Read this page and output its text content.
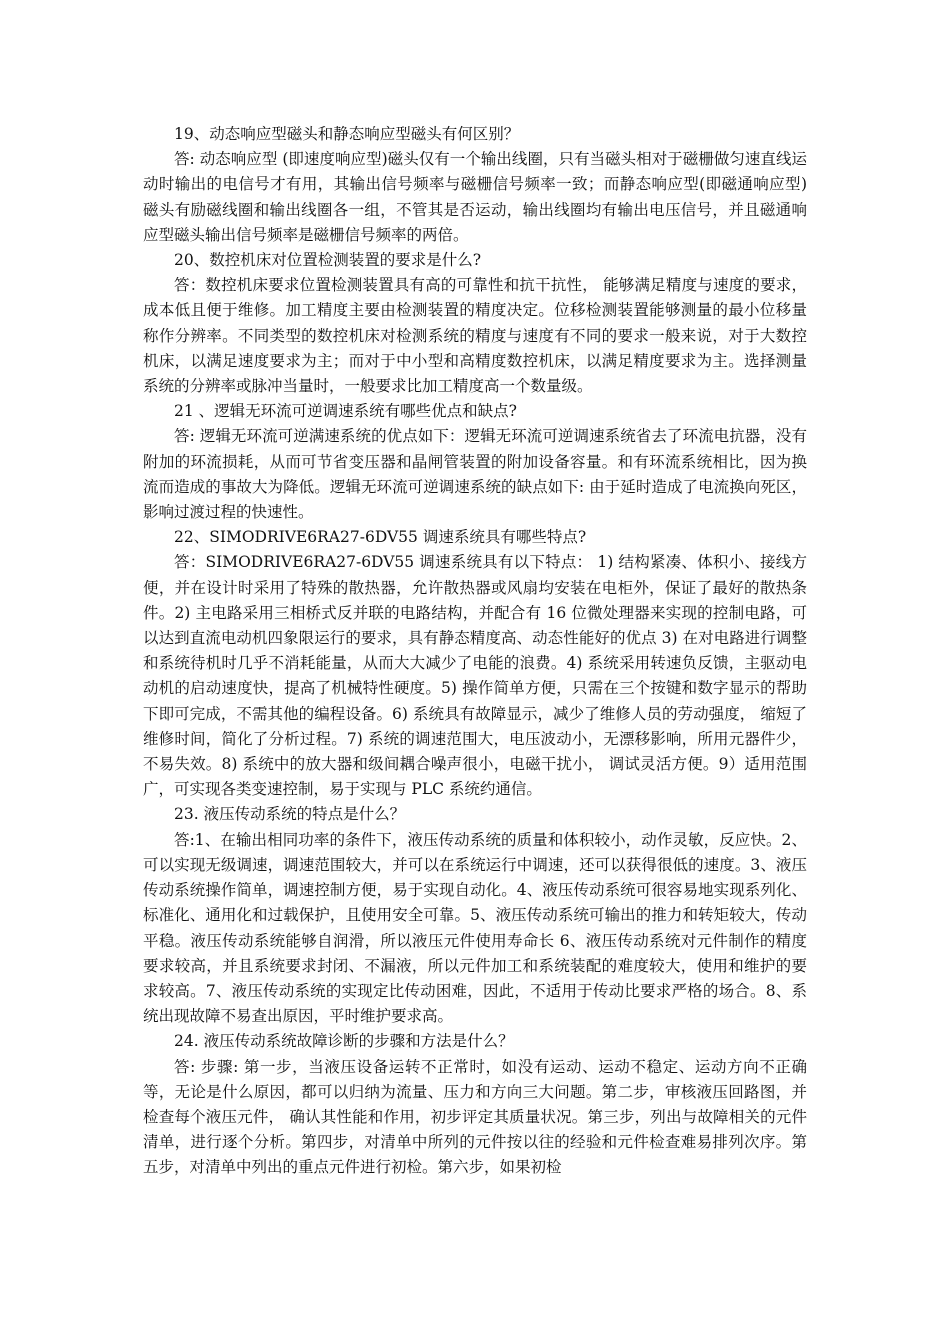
19、动态响应型磁头和静态响应型磁头有何区别？

答: 动态响应型 (即速度响应型)磁头仅有一个输出线圈，只有当磁头相对于磁栅做匀速直线运动时输出的电信号才有用，其输出信号频率与磁栅信号频率一致；而静态响应型(即磁通响应型) 磁头有励磁线圈和输出线圈各一组，不管其是否运动，输出线圈均有输出电压信号，并且磁通响应型磁头输出信号频率是磁栅信号频率的两倍。

20、数控机床对位置检测装置的要求是什么?

答：数控机床要求位置检测装置具有高的可靠性和抗干抗性， 能够满足精度与速度的要求，成本低且便于维修。加工精度主要由检测装置的精度决定。位移检测装置能够测量的最小位移量称作分辨率。不同类型的数控机床对检测系统的精度与速度有不同的要求一般来说，对于大数控机床，以满足速度要求为主；而对于中小型和高精度数控机床，以满足精度要求为主。选择测量系统的分辨率或脉冲当量时，一般要求比加工精度高一个数量级。

21 、逻辑无环流可逆调速系统有哪些优点和缺点?

答: 逻辑无环流可逆满速系统的优点如下：逻辑无环流可逆调速系统省去了环流电抗器，没有附加的环流损耗，从而可节省变压器和晶闸管装置的附加设备容量。和有环流系统相比，因为换流而造成的事故大为降低。逻辑无环流可逆调速系统的缺点如下: 由于延时造成了电流换向死区，影响过渡过程的快速性。

22、SIMODRIVE6RA27-6DV55 调速系统具有哪些特点?

答：SIMODRIVE6RA27-6DV55 调速系统具有以下特点： 1) 结构紧凑、体积小、接线方便，并在设计时采用了特殊的散热器，允许散热器或风扇均安装在电柜外，保证了最好的散热条件。2) 主电路采用三相桥式反并联的电路结构，并配合有 16 位微处理器来实现的控制电路，可以达到直流电动机四象限运行的要求，具有静态精度高、动态性能好的优点 3) 在对电路进行调整和系统待机时几乎不消耗能量，从而大大减少了电能的浪费。4) 系统采用转速负反馈，主驱动电动机的启动速度快，提高了机械特性硬度。5) 操作简单方便，只需在三个按键和数字显示的帮助下即可完成，不需其他的编程设备。6) 系统具有故障显示，减少了维修人员的劳动强度， 缩短了维修时间，简化了分析过程。7) 系统的调速范围大，电压波动小，无漂移影响，所用元器件少，不易失效。8) 系统中的放大器和级间耦合噪声很小，电磁干扰小， 调试灵活方便。9）适用范围广，可实现各类变速控制，易于实现与 PLC 系统约通信。

23. 液压传动系统的特点是什么？

答:1、在输出相同功率的条件下，液压传动系统的质量和体积较小，动作灵敏，反应快。2、可以实现无级调速，调速范围较大，并可以在系统运行中调速，还可以获得很低的速度。3、液压传动系统操作简单，调速控制方便，易于实现自动化。4、液压传动系统可很容易地实现系列化、标准化、通用化和过载保护，且使用安全可靠。5、液压传动系统可输出的推力和转矩较大，传动平稳。液压传动系统能够自润滑，所以液压元件使用寿命长 6、液压传动系统对元件制作的精度要求较高，并且系统要求封闭、不漏液，所以元件加工和系统装配的难度较大，使用和维护的要求较高。7、液压传动系统的实现定比传动困难，因此，不适用于传动比要求严格的场合。8、系统出现故障不易查出原因，平时维护要求高。

24. 液压传动系统故障诊断的步骤和方法是什么？

答: 步骤: 第一步，当液压设备运转不正常时，如没有运动、运动不稳定、运动方向不正确等，无论是什么原因，都可以归纳为流量、压力和方向三大问题。第二步，审核液压回路图，并检查每个液压元件， 确认其性能和作用，初步评定其质量状况。第三步，列出与故障相关的元件清单，进行逐个分析。第四步，对清单中所列的元件按以往的经验和元件检查难易排列次序。第五步，对清单中列出的重点元件进行初检。第六步，如果初检
